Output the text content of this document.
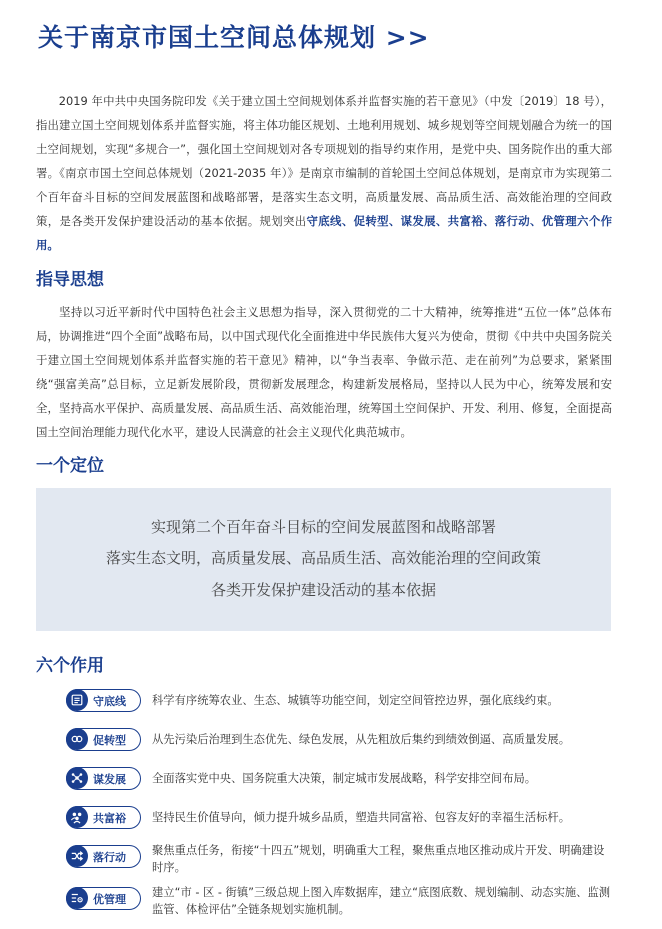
关于南京市国土空间总体规划 >>

  2019 年中共中央国务院印发《关于建立国土空间规划体系并监督实施的若干意见》（中发〔2019〕18 号），指出建立国土空间规划体系并监督实施，将主体功能区规划、土地利用规划、城乡规划等空间规划融合为统一的国土空间规划，实现“多规合一”，强化国土空间规划对各专项规划的指导约束作用，是党中央、国务院作出的重大部署。《南京市国土空间总体规划（2021-2035 年）》是南京市编制的首轮国土空间总体规划，是南京市为实现第二个百年奋斗目标的空间发展蓝图和战略部署，是落实生态文明，高质量发展、高品质生活、高效能治理的空间政策，是各类开发保护建设活动的基本依据。规划突出守底线、促转型、谋发展、共富裕、落行动、优管理六个作用。

指导思想

  坚持以习近平新时代中国特色社会主义思想为指导，深入贯彻党的二十大精神，统筹推进“五位一体”总体布局，协调推进“四个全面”战略布局，以中国式现代化全面推进中华民族伟大复兴为使命，贯彻《中共中央国务院关于建立国土空间规划体系并监督实施的若干意见》精神，以“争当表率、争做示范、走在前列”为总要求，紧紧围绕“强富美高”总目标，立足新发展阶段，贯彻新发展理念，构建新发展格局，坚持以人民为中心，统筹发展和安全，坚持高水平保护、高质量发展、高品质生活、高效能治理，统筹国土空间保护、开发、利用、修复，全面提高国土空间治理能力现代化水平，建设人民满意的社会主义现代化典范城市。

一个定位
实现第二个百年奋斗目标的空间发展蓝图和战略部署
落实生态文明，高质量发展、高品质生活、高效能治理的空间政策
各类开发保护建设活动的基本依据
六个作用
守底线 科学有序统筹农业、生态、城镇等功能空间，划定空间管控边界，强化底线约束。

促转型 从先污染后治理到生态优先、绿色发展，从先粗放后集约到绩效倒逼、高质量发展。

谋发展 全面落实党中央、国务院重大决策，制定城市发展战略，科学安排空间布局。

共富裕 坚持民生价值导向，倾力提升城乡品质，塑造共同富裕、包容友好的幸福生活标杆。

落行动

聚焦重点任务，衔接“十四五”规划，明确重大工程，聚焦重点地区推动成片开发、明确建设时序。

优管理

建立“市 - 区 - 街镇”三级总规上图入库数据库，建立“底图底数、规划编制、动态实施、监测监管、体检评估”全链条规划实施机制。
